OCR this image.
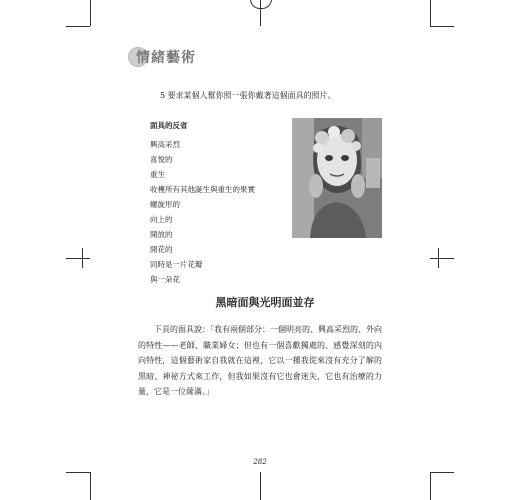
情緒藝術
5 要求某個人幫你照一張你戴著這個面具的照片。
面具的反省
興高采烈
喜悅的
重生
收穫所有其他誕生與重生的果實
螺旋形的
向上的
開放的
開花的
同時是一片花瓣
與一朵花
黑暗面與光明面並存
下頁的面具說：「我有兩個部分：一個明亮的、興高采烈的、外向的特性——老師、職業婦女；但也有一個喜歡獨處的、感覺深刻的內向特性，這個藝術家自我就在這裡，它以一種我從來沒有充分了解的黑暗、神祕方式來工作，但我如果沒有它也會迷失，它也有治療的力量，它是一位薩滿。」
282
